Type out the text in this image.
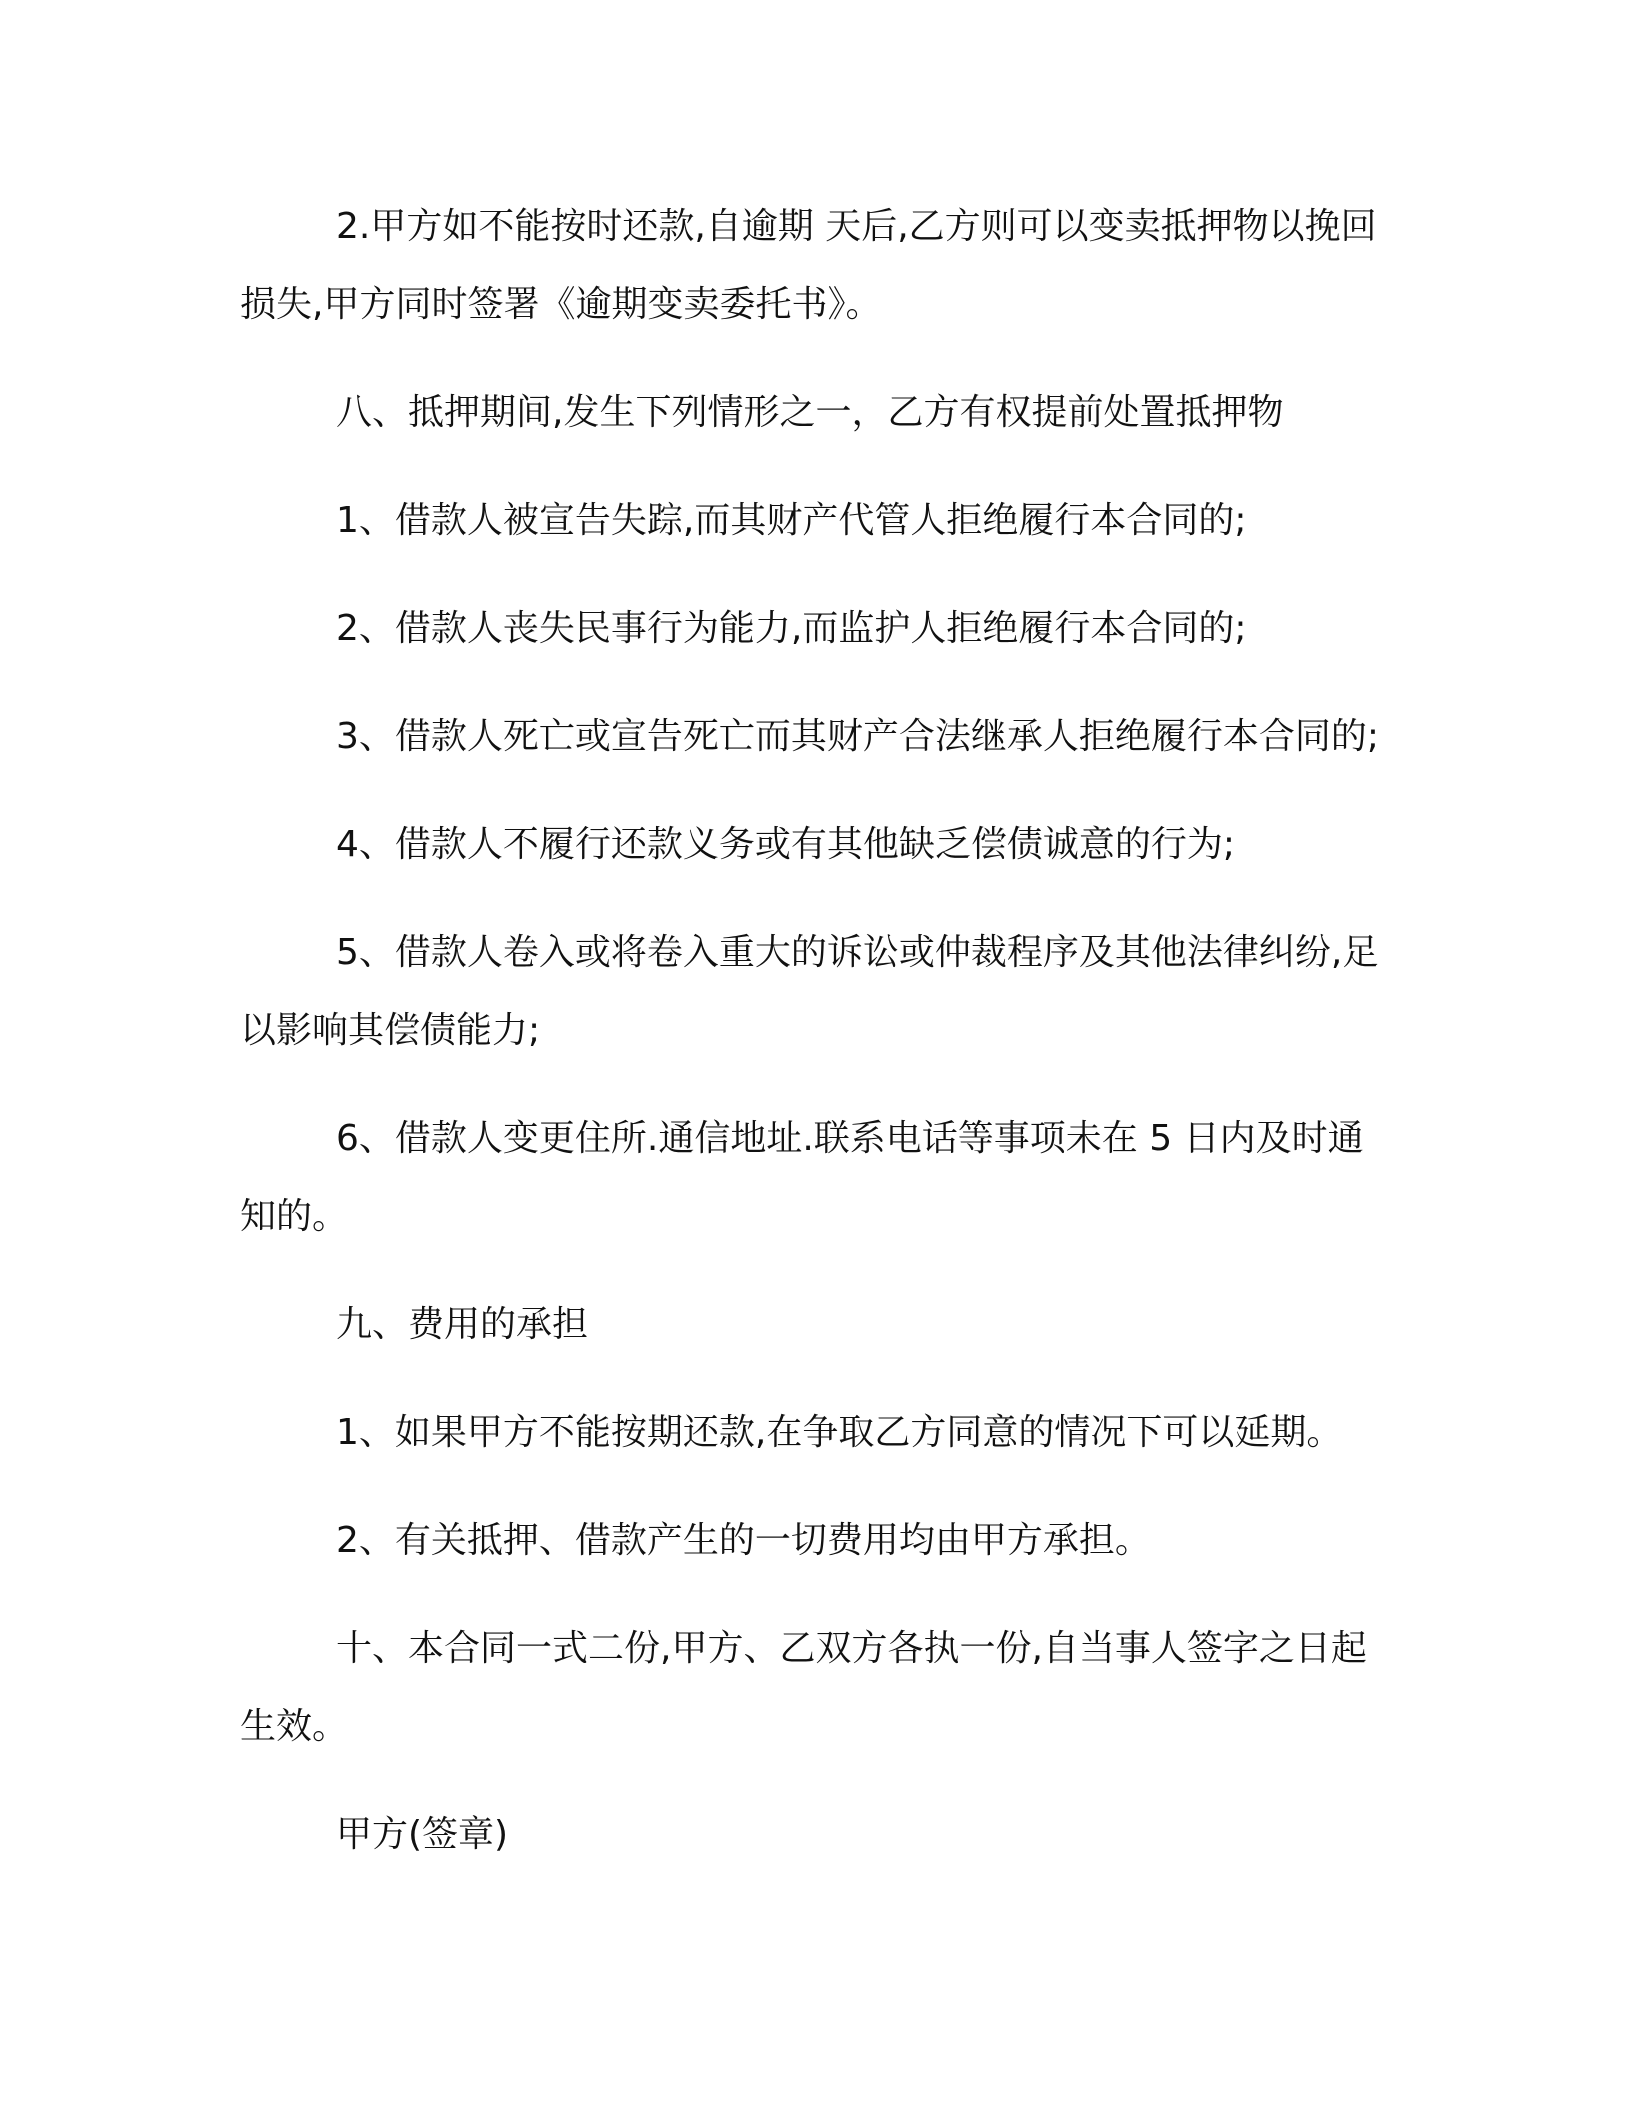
2.甲方如不能按时还款,自逾期 天后,乙方则可以变卖抵押物以挽回损失,甲方同时签署《逾期变卖委托书》。

八、抵押期间,发生下列情形之一，乙方有权提前处置抵押物

1、借款人被宣告失踪,而其财产代管人拒绝履行本合同的;

2、借款人丧失民事行为能力,而监护人拒绝履行本合同的;

3、借款人死亡或宣告死亡而其财产合法继承人拒绝履行本合同的;

4、借款人不履行还款义务或有其他缺乏偿债诚意的行为;

5、借款人卷入或将卷入重大的诉讼或仲裁程序及其他法律纠纷,足以影响其偿债能力;

6、借款人变更住所.通信地址.联系电话等事项未在 5 日内及时通知的。

九、费用的承担

1、如果甲方不能按期还款,在争取乙方同意的情况下可以延期。

2、有关抵押、借款产生的一切费用均由甲方承担。

十、本合同一式二份,甲方、乙双方各执一份,自当事人签字之日起生效。

甲方(签章)
